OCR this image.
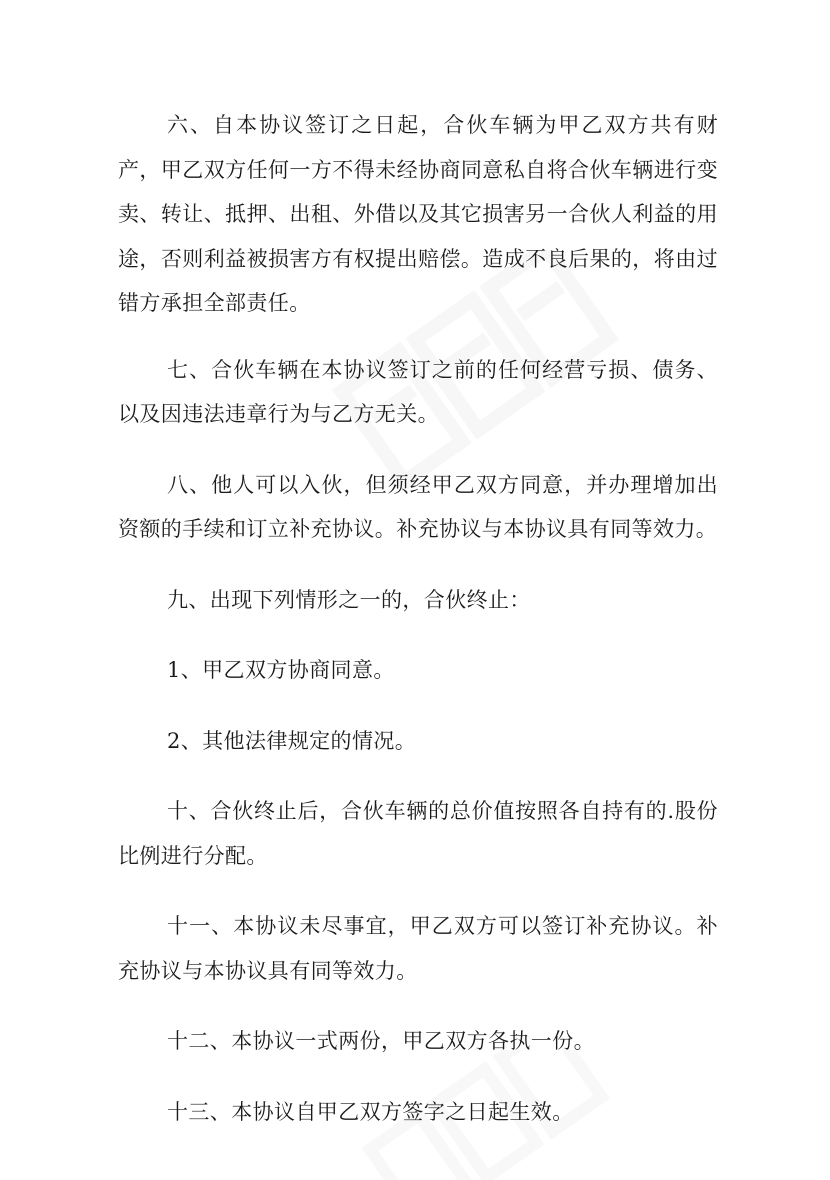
六、自本协议签订之日起，合伙车辆为甲乙双方共有财产，甲乙双方任何一方不得未经协商同意私自将合伙车辆进行变卖、转让、抵押、出租、外借以及其它损害另一合伙人利益的用途，否则利益被损害方有权提出赔偿。造成不良后果的，将由过错方承担全部责任。

七、合伙车辆在本协议签订之前的任何经营亏损、债务、以及因违法违章行为与乙方无关。

八、他人可以入伙，但须经甲乙双方同意，并办理增加出资额的手续和订立补充协议。补充协议与本协议具有同等效力。

九、出现下列情形之一的，合伙终止：

1、甲乙双方协商同意。

2、其他法律规定的情况。

十、合伙终止后，合伙车辆的总价值按照各自持有的.股份比例进行分配。

十一、本协议未尽事宜，甲乙双方可以签订补充协议。补充协议与本协议具有同等效力。

十二、本协议一式两份，甲乙双方各执一份。

十三、本协议自甲乙双方签字之日起生效。
